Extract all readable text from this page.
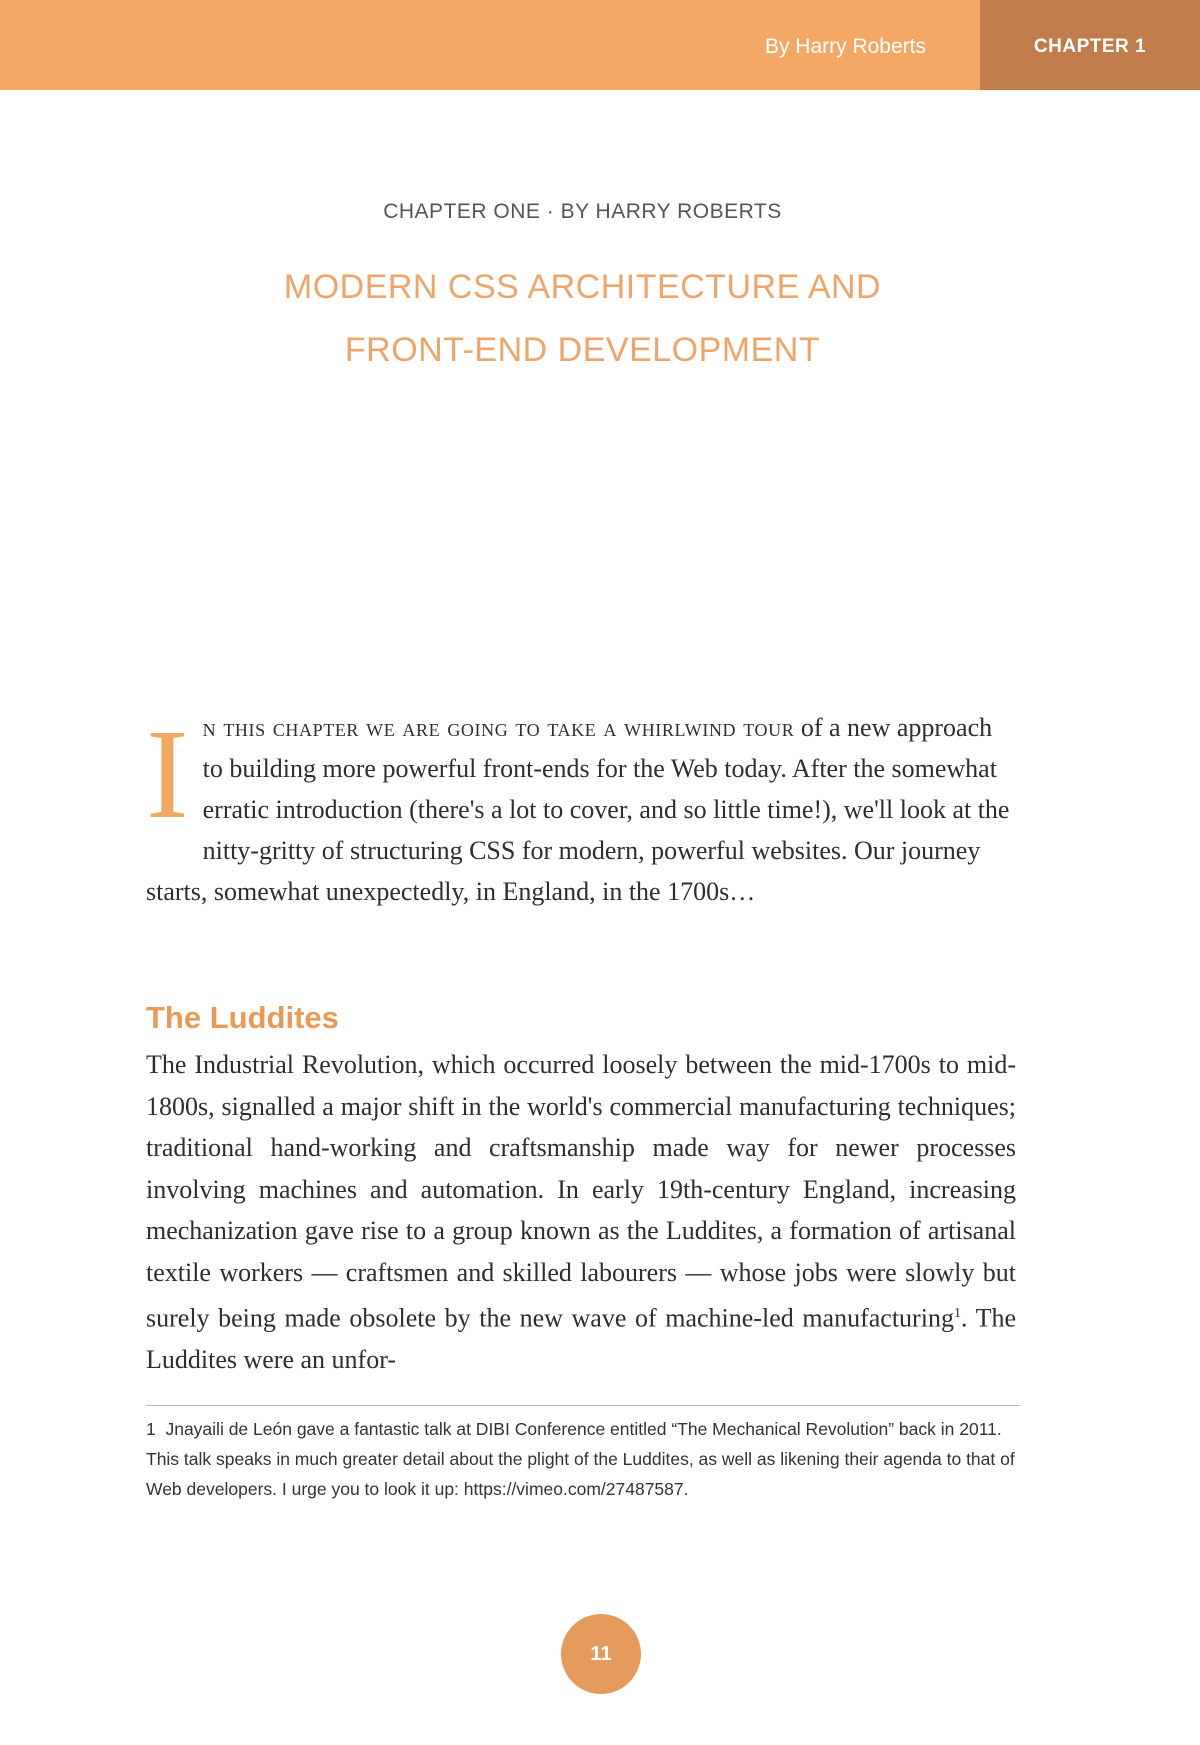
By Harry Roberts	CHAPTER 1
CHAPTER ONE · BY HARRY ROBERTS
MODERN CSS ARCHITECTURE AND
FRONT-END DEVELOPMENT
In this chapter we are going to take a whirlwind tour of a new approach to building more powerful front-ends for the Web today. After the somewhat erratic introduction (there's a lot to cover, and so little time!), we'll look at the nitty-gritty of structuring CSS for modern, powerful websites. Our journey starts, somewhat unexpectedly, in England, in the 1700s…
The Luddites
The Industrial Revolution, which occurred loosely between the mid-1700s to mid-1800s, signalled a major shift in the world's commercial manufacturing techniques; traditional hand-working and craftsmanship made way for newer processes involving machines and automation. In early 19th-century England, increasing mechanization gave rise to a group known as the Luddites, a formation of artisanal textile workers — craftsmen and skilled labourers — whose jobs were slowly but surely being made obsolete by the new wave of machine-led manufacturing$^1$. The Luddites were an unfor-
1 Jnayaili de León gave a fantastic talk at DIBI Conference entitled “The Mechanical Revolution” back in 2011. This talk speaks in much greater detail about the plight of the Luddites, as well as likening their agenda to that of Web developers. I urge you to look it up: https://vimeo.com/27487587.
11
